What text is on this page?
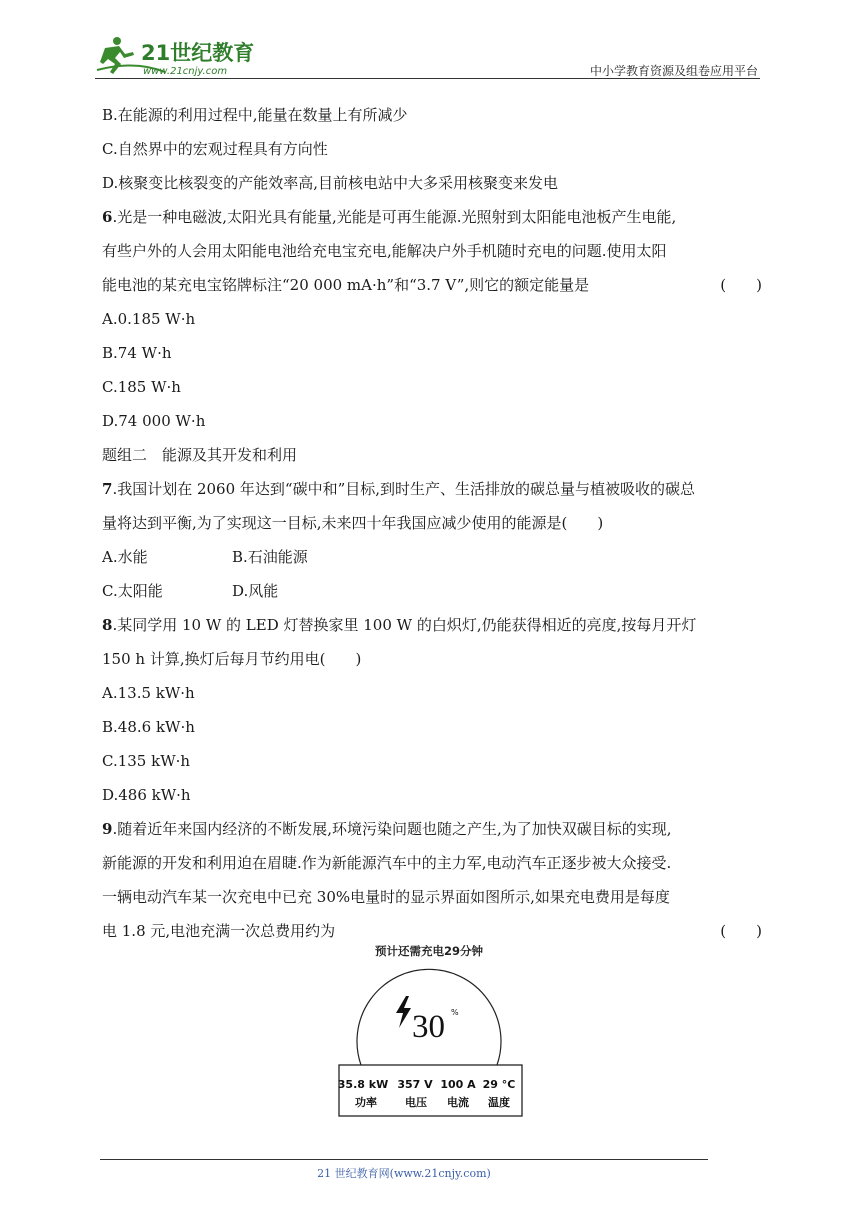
21世纪教育
www.21cnjy.com	中小学教育资源及组卷应用平台
B.在能源的利用过程中,能量在数量上有所减少
C.自然界中的宏观过程具有方向性
D.核聚变比核裂变的产能效率高,目前核电站中大多采用核聚变来发电
6.光是一种电磁波,太阳光具有能量,光能是可再生能源.光照射到太阳能电池板产生电能,
有些户外的人会用太阳能电池给充电宝充电,能解决户外手机随时充电的问题.使用太阳
能电池的某充电宝铭牌标注“20 000 mA·h”和“3.7 V”,则它的额定能量是	(　　)
A.0.185 W·h
B.74 W·h
C.185 W·h
D.74 000 W·h
题组二　能源及其开发和利用
7.我国计划在 2060 年达到“碳中和”目标,到时生产、生活排放的碳总量与植被吸收的碳总
量将达到平衡,为了实现这一目标,未来四十年我国应减少使用的能源是(　　)
A.水能	B.石油能源
C.太阳能	D.风能
8.某同学用 10 W 的 LED 灯替换家里 100 W 的白炽灯,仍能获得相近的亮度,按每月开灯
150 h 计算,换灯后每月节约用电(　　)
A.13.5 kW·h
B.48.6 kW·h
C.135 kW·h
D.486 kW·h
9.随着近年来国内经济的不断发展,环境污染问题也随之产生,为了加快双碳目标的实现,
新能源的开发和利用迫在眉睫.作为新能源汽车中的主力军,电动汽车正逐步被大众接受.
一辆电动汽车某一次充电中已充 30%电量时的显示界面如图所示,如果充电费用是每度
电 1.8 元,电池充满一次总费用约为	(　　)
预计还需充电29分钟
30 %
35.8 kW 357 V 100 A 29 °C
功率	电压 电流 温度
21 世纪教育网(www.21cnjy.com)
